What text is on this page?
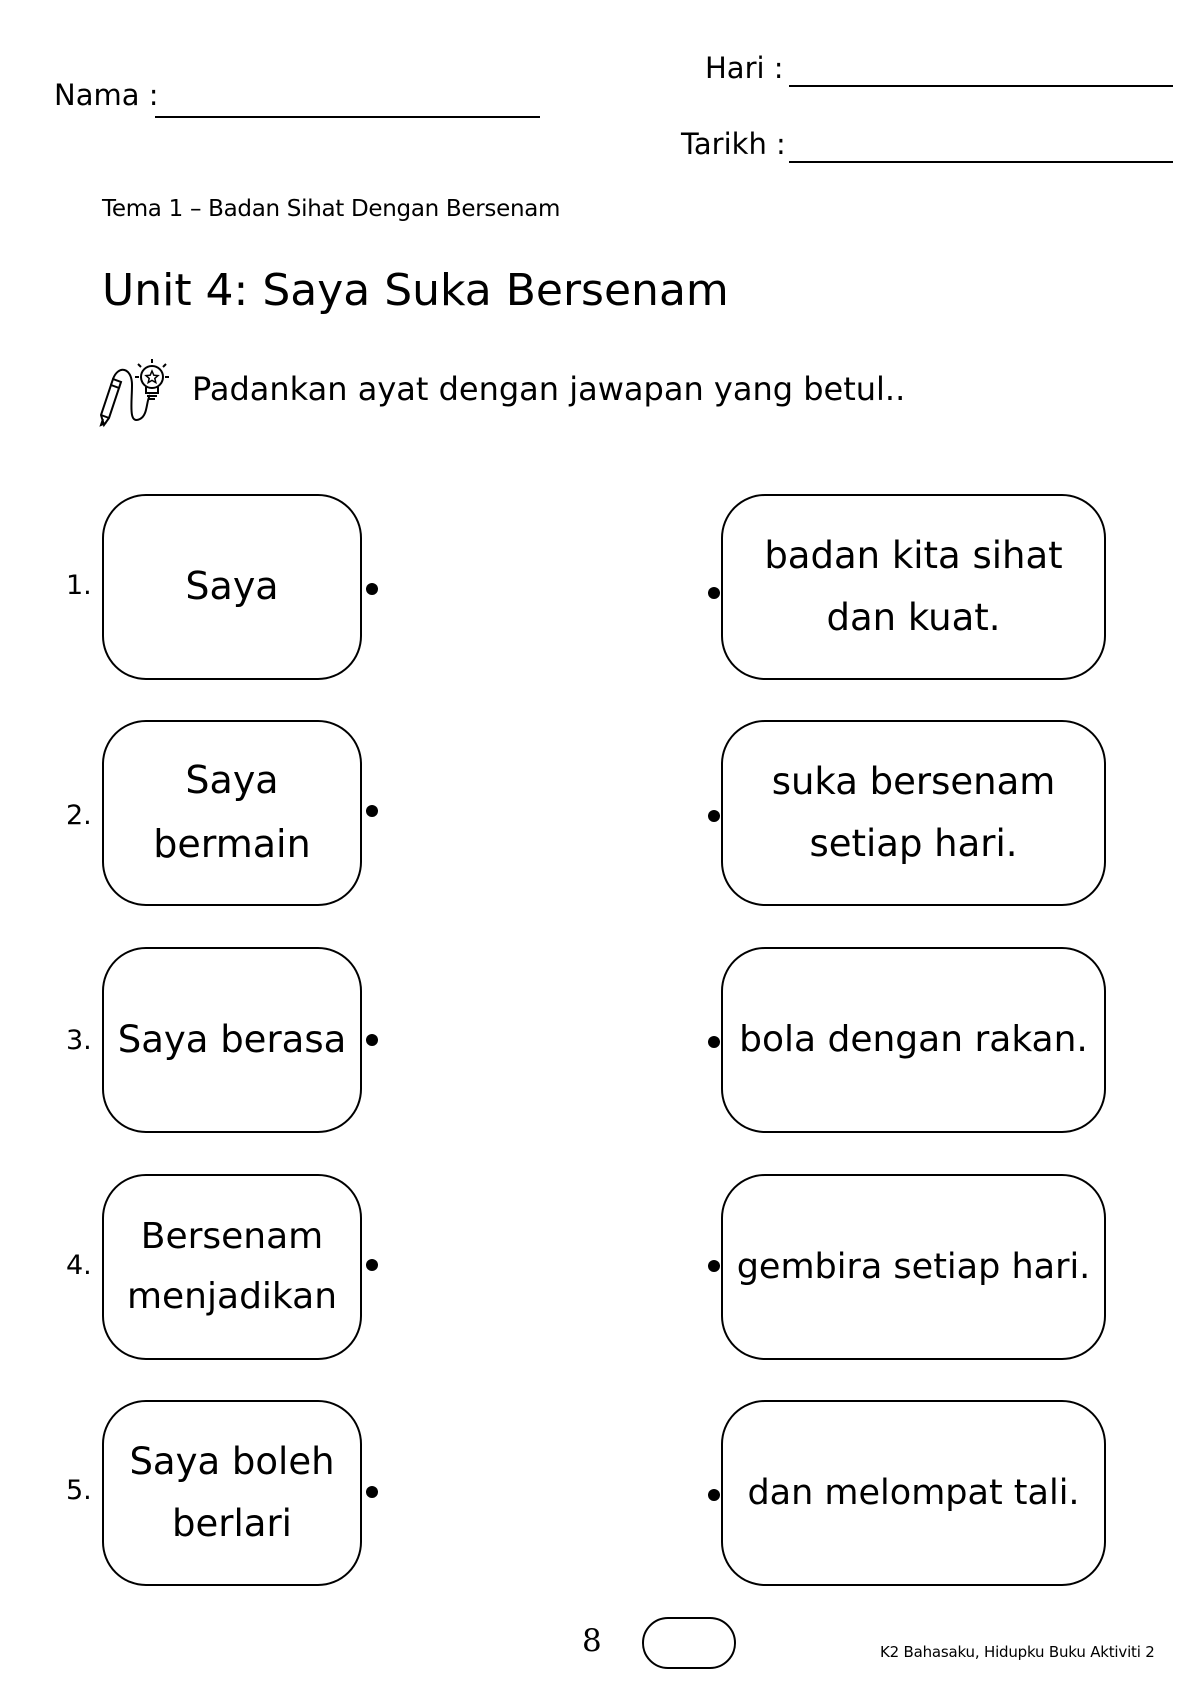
Nama :
Hari :
Tarikh :
Tema 1 – Badan Sihat Dengan Bersenam
Unit 4: Saya Suka Bersenam
Padankan ayat dengan jawapan yang betul..
1. Saya
2.
Saya bermain
3. Saya berasa
4.
Bersenam menjadikan
5.
Saya boleh berlari
badan kita sihat dan kuat.
suka bersenam setiap hari.
bola dengan rakan.
gembira setiap hari.
dan melompat tali.
8	K2 Bahasaku, Hidupku Buku Aktiviti 2
